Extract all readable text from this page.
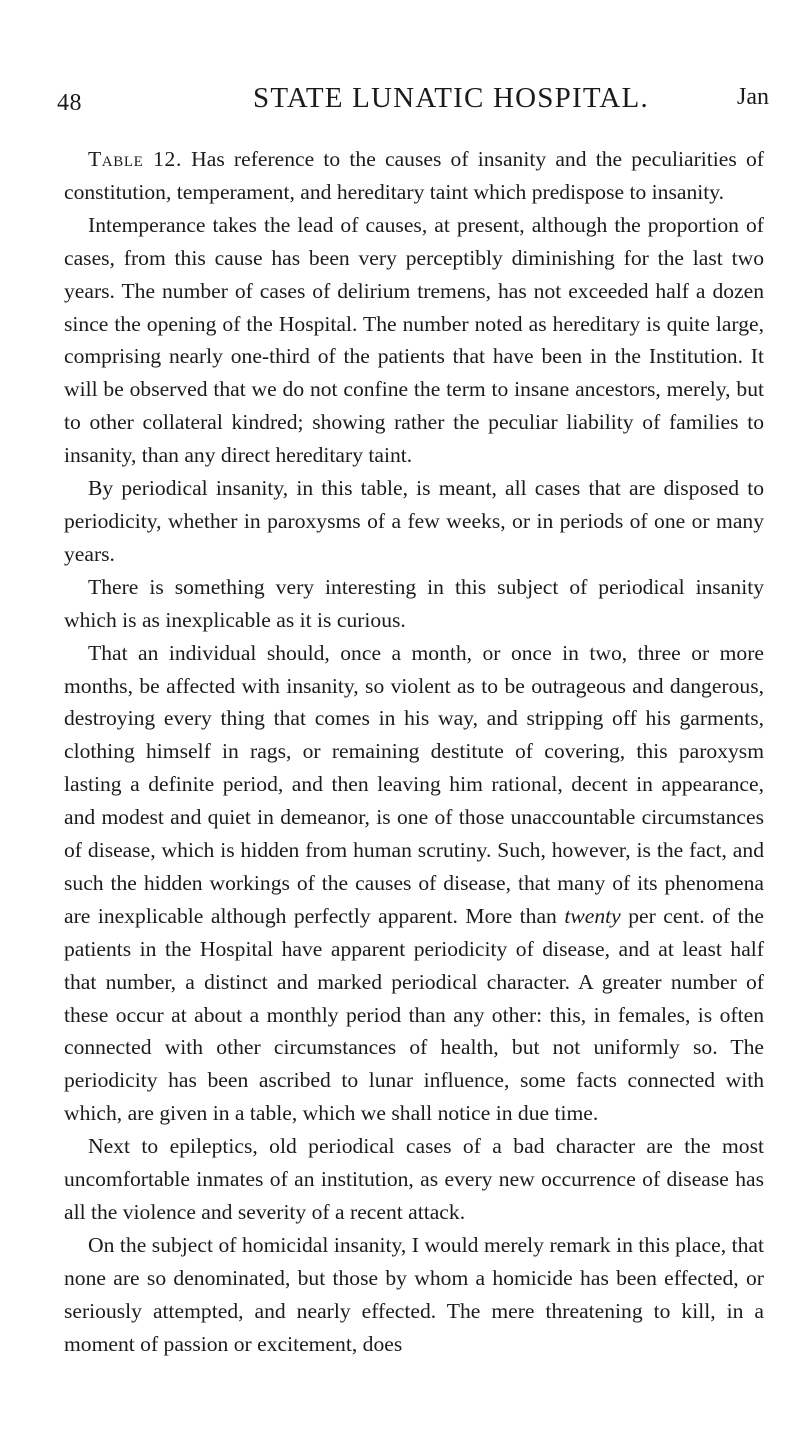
48	STATE LUNATIC HOSPITAL.	Jan

Table 12. Has reference to the causes of insanity and the peculiarities of constitution, temperament, and hereditary taint which predispose to insanity.

Intemperance takes the lead of causes, at present, although the proportion of cases, from this cause has been very perceptibly diminishing for the last two years. The number of cases of delirium tremens, has not exceeded half a dozen since the opening of the Hospital. The number noted as hereditary is quite large, comprising nearly one-third of the patients that have been in the Institution. It will be observed that we do not confine the term to insane ancestors, merely, but to other collateral kindred; showing rather the peculiar liability of families to insanity, than any direct hereditary taint.

By periodical insanity, in this table, is meant, all cases that are disposed to periodicity, whether in paroxysms of a few weeks, or in periods of one or many years.

There is something very interesting in this subject of periodical insanity which is as inexplicable as it is curious.

That an individual should, once a month, or once in two, three or more months, be affected with insanity, so violent as to be outrageous and dangerous, destroying every thing that comes in his way, and stripping off his garments, clothing himself in rags, or remaining destitute of covering, this paroxysm lasting a definite period, and then leaving him rational, decent in appearance, and modest and quiet in demeanor, is one of those unaccountable circumstances of disease, which is hidden from human scrutiny. Such, however, is the fact, and such the hidden workings of the causes of disease, that many of its phenomena are inexplicable although perfectly apparent. More than twenty per cent. of the patients in the Hospital have apparent periodicity of disease, and at least half that number, a distinct and marked periodical character. A greater number of these occur at about a monthly period than any other: this, in females, is often connected with other circumstances of health, but not uniformly so. The periodicity has been ascribed to lunar influence, some facts connected with which, are given in a table, which we shall notice in due time.

Next to epileptics, old periodical cases of a bad character are the most uncomfortable inmates of an institution, as every new occurrence of disease has all the violence and severity of a recent attack.

On the subject of homicidal insanity, I would merely remark in this place, that none are so denominated, but those by whom a homicide has been effected, or seriously attempted, and nearly effected. The mere threatening to kill, in a moment of passion or excitement, does
